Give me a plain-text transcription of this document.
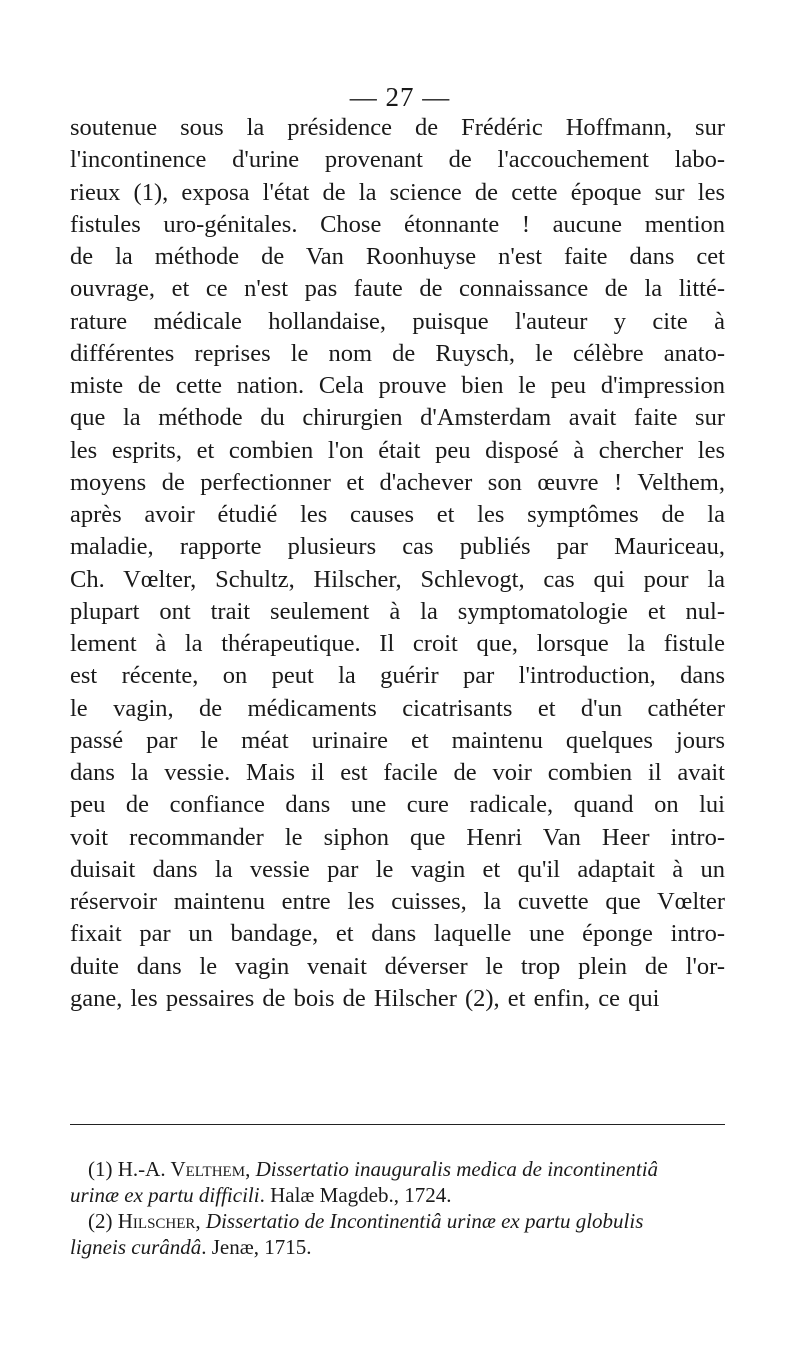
— 27 —
soutenue sous la présidence de Frédéric Hoffmann, sur
l'incontinence d'urine provenant de l'accouchement labo-
rieux (1), exposa l'état de la science de cette époque sur les
fistules uro-génitales. Chose étonnante ! aucune mention
de la méthode de Van Roonhuyse n'est faite dans cet
ouvrage, et ce n'est pas faute de connaissance de la litté-
rature médicale hollandaise, puisque l'auteur y cite à
différentes reprises le nom de Ruysch, le célèbre anato-
miste de cette nation. Cela prouve bien le peu d'impression
que la méthode du chirurgien d'Amsterdam avait faite sur
les esprits, et combien l'on était peu disposé à chercher les
moyens de perfectionner et d'achever son œuvre ! Velthem,
après avoir étudié les causes et les symptômes de la
maladie, rapporte plusieurs cas publiés par Mauriceau,
Ch. Vœlter, Schultz, Hilscher, Schlevogt, cas qui pour la
plupart ont trait seulement à la symptomatologie et nul-
lement à la thérapeutique. Il croit que, lorsque la fistule
est récente, on peut la guérir par l'introduction, dans
le vagin, de médicaments cicatrisants et d'un cathéter
passé par le méat urinaire et maintenu quelques jours
dans la vessie. Mais il est facile de voir combien il avait
peu de confiance dans une cure radicale, quand on lui
voit recommander le siphon que Henri Van Heer intro-
duisait dans la vessie par le vagin et qu'il adaptait à un
réservoir maintenu entre les cuisses, la cuvette que Vœlter
fixait par un bandage, et dans laquelle une éponge intro-
duite dans le vagin venait déverser le trop plein de l'or-
gane, les pessaires de bois de Hilscher (2), et enfin, ce qui
(1) H.-A. Velthem, Dissertatio inauguralis medica de incontinentiâ
urinæ ex partu difficili. Halæ Magdeb., 1724.
(2) Hilscher, Dissertatio de Incontinentiâ urinæ ex partu globulis
ligneis curândâ. Jenæ, 1715.
